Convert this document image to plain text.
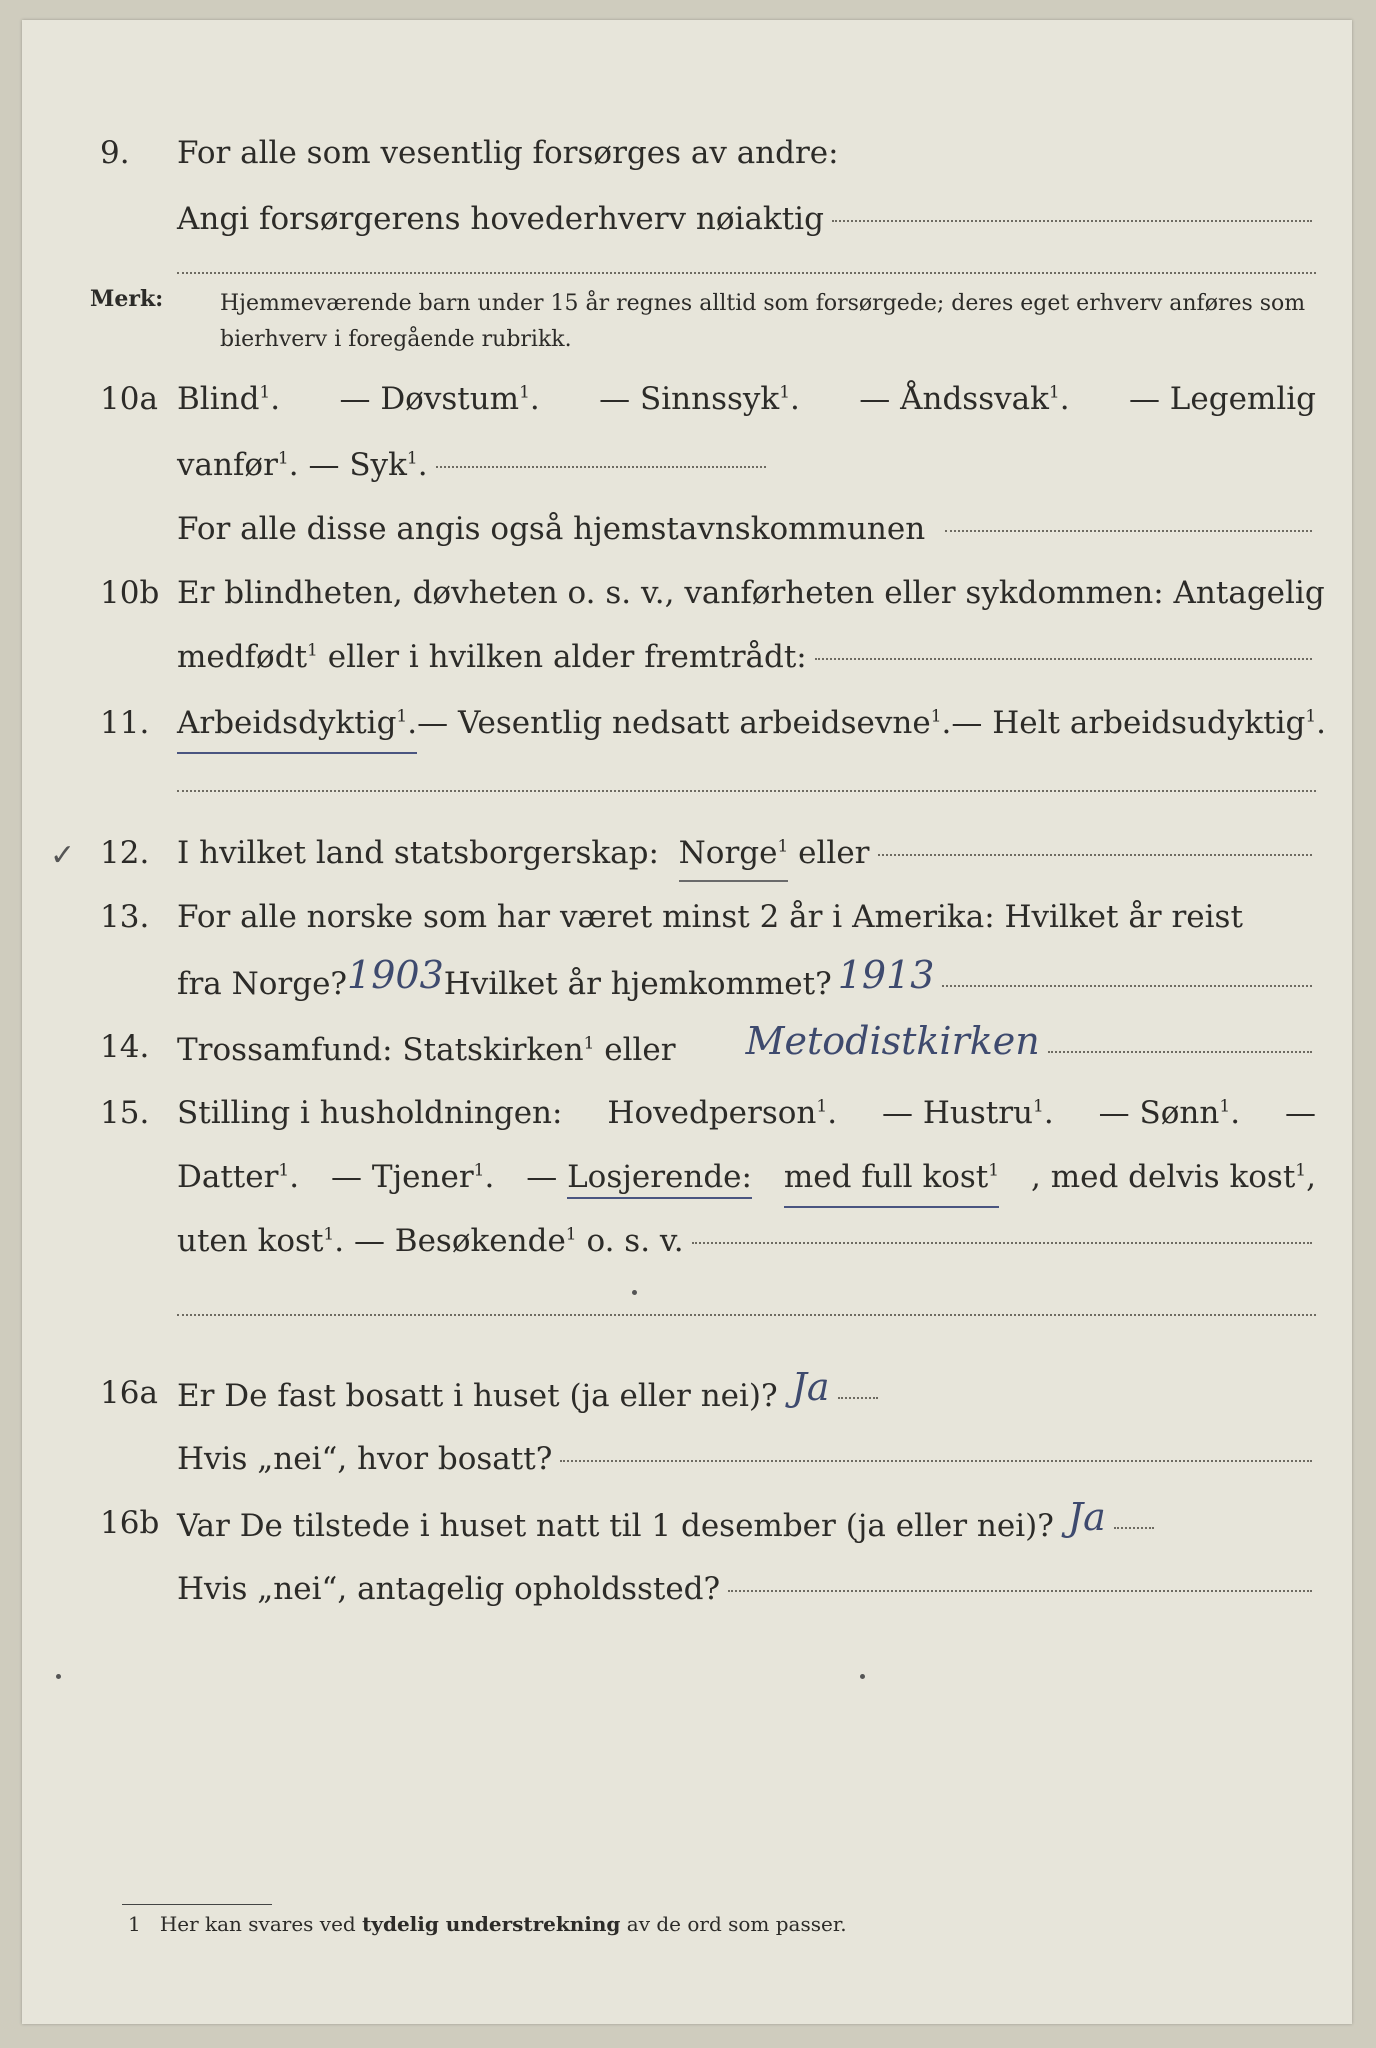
9. For alle som vesentlig forsørges av andre:
Angi forsørgerens hovederhverv nøiaktig
Merk:	Hjemmeværende barn under 15 år regnes alltid som forsørgede; deres eget erhverv anføres som bierhverv i foregående rubrikk.
10a Blind$^1$. — Døvstum$^1$. — Sinnssyk$^1$. — Åndssvak$^1$. — Legemlig
vanfør$^1$. — Syk$^1$.
For alle disse angis også hjemstavnskommunen
10b Er blindheten, døvheten o. s. v., vanførheten eller sykdommen: Antagelig
medfødt$^1$ eller i hvilken alder fremtrådt:
11. Arbeidsdyktig$^1$. — Vesentlig nedsatt arbeidsevne$^1$. — Helt arbeidsudyktig$^1$.
✓ 12. I hvilket land statsborgerskap:
Norge$^1$
eller
13. For alle norske som har været minst 2 år i Amerika: Hvilket år reist
fra Norge? 1903 Hvilket år hjemkommet? 1913
14. Trossamfund: Statskirken$^1$ eller Metodistkirken
15. Stilling i husholdningen: Hovedperson$^1$. — Hustru$^1$. — Sønn$^1$. —
Datter$^1$. — Tjener$^1$. — Losjerende: med full kost$^1$ , med delvis kost$^1$,
uten kost$^1$. — Besøkende$^1$ o. s. v.
16a Er De fast bosatt i huset (ja eller nei)? Ja
Hvis „nei“, hvor bosatt?
16b Var De tilstede i huset natt til 1 desember (ja eller nei)? Ja
Hvis „nei“, antagelig opholdssted?
1 Her kan svares ved tydelig understrekning av de ord som passer.
